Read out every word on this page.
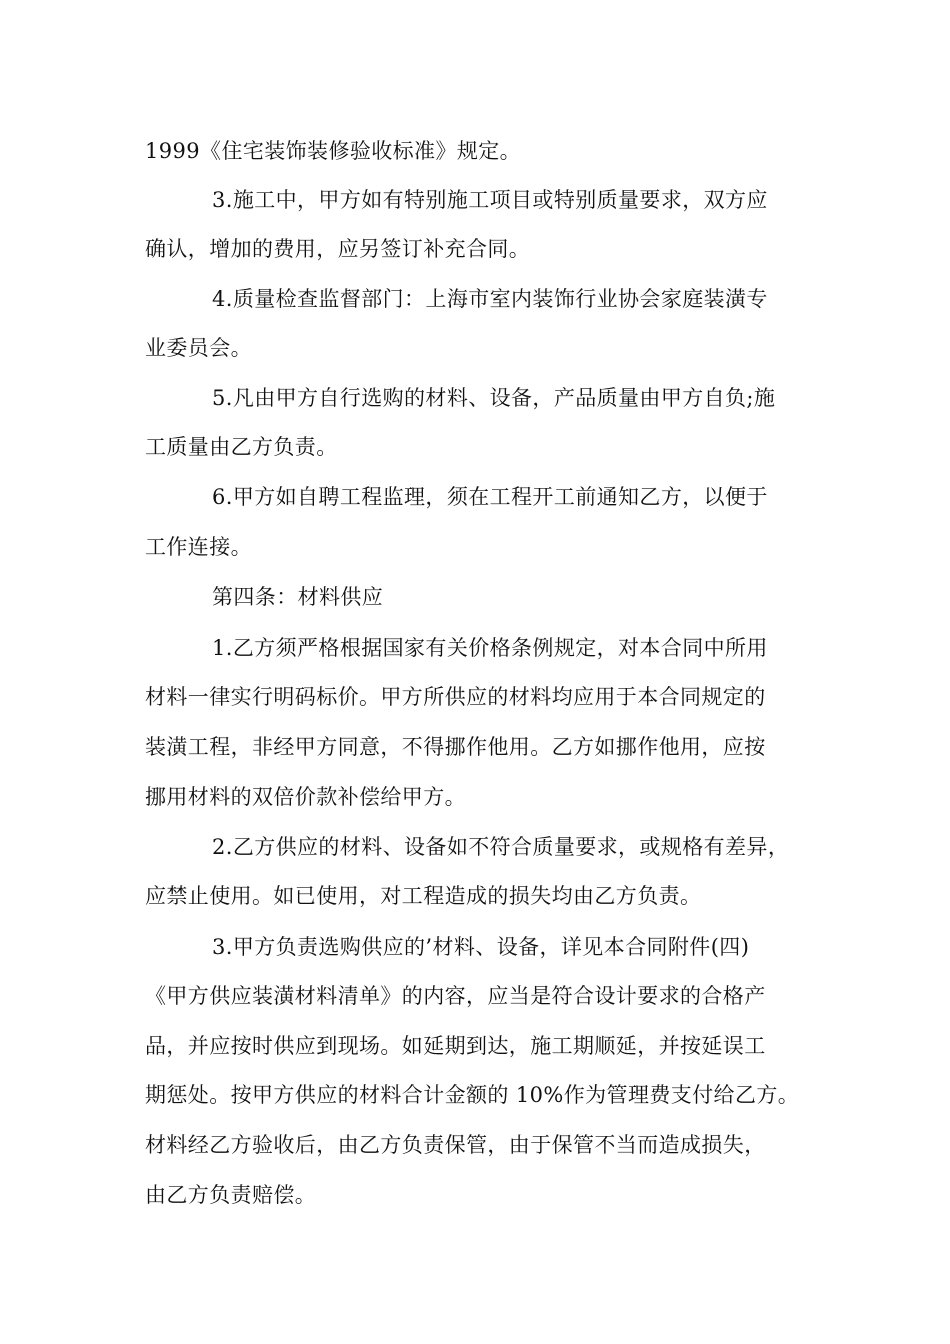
1999《住宅装饰装修验收标准》规定。
3.施工中，甲方如有特别施工项目或特别质量要求，双方应
确认，增加的费用，应另签订补充合同。
4.质量检查监督部门：上海市室内装饰行业协会家庭装潢专
业委员会。
5.凡由甲方自行选购的材料、设备，产品质量由甲方自负;施
工质量由乙方负责。
6.甲方如自聘工程监理，须在工程开工前通知乙方，以便于
工作连接。
第四条：材料供应
1.乙方须严格根据国家有关价格条例规定，对本合同中所用
材料一律实行明码标价。甲方所供应的材料均应用于本合同规定的
装潢工程，非经甲方同意，不得挪作他用。乙方如挪作他用，应按
挪用材料的双倍价款补偿给甲方。
2.乙方供应的材料、设备如不符合质量要求，或规格有差异，
应禁止使用。如已使用，对工程造成的损失均由乙方负责。
3.甲方负责选购供应的’材料、设备，详见本合同附件(四)
《甲方供应装潢材料清单》的内容，应当是符合设计要求的合格产
品，并应按时供应到现场。如延期到达，施工期顺延，并按延误工
期惩处。按甲方供应的材料合计金额的 10%作为管理费支付给乙方。
材料经乙方验收后，由乙方负责保管，由于保管不当而造成损失，
由乙方负责赔偿。
